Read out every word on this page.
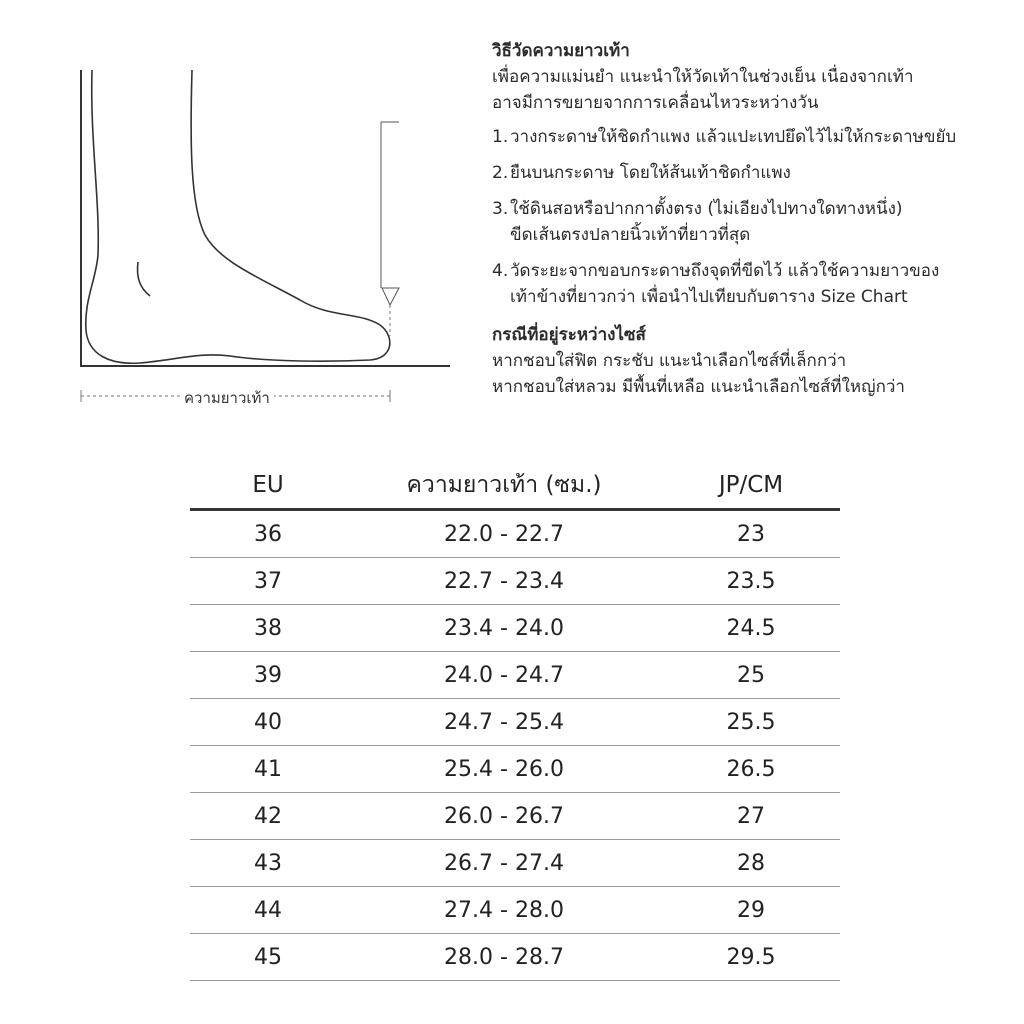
ความยาวเท้า

วิธีวัดความยาวเท้า

เพื่อความแม่นยำ แนะนำให้วัดเท้าในช่วงเย็น เนื่องจากเท้า

อาจมีการขยายจากการเคลื่อนไหวระหว่างวัน

1. วางกระดาษให้ชิดกำแพง แล้วแปะเทปยึดไว้ไม่ให้กระดาษขยับ
2. ยืนบนกระดาษ โดยให้ส้นเท้าชิดกำแพง
3. ใช้ดินสอหรือปากกาตั้งตรง (ไม่เอียงไปทางใดทางหนึ่ง)
ขีดเส้นตรงปลายนิ้วเท้าที่ยาวที่สุด
4. วัดระยะจากขอบกระดาษถึงจุดที่ขีดไว้ แล้วใช้ความยาวของ
เท้าข้างที่ยาวกว่า เพื่อนำไปเทียบกับตาราง Size Chart

กรณีที่อยู่ระหว่างไซส์

หากชอบใส่ฟิต กระชับ แนะนำเลือกไซส์ที่เล็กกว่า

หากชอบใส่หลวม มีพื้นที่เหลือ แนะนำเลือกไซส์ที่ใหญ่กว่า

EU	ความยาวเท้า (ซม.)	JP/CM
36	22.0 - 22.7	23
37	22.7 - 23.4	23.5
38	23.4 - 24.0	24.5
39	24.0 - 24.7	25
40	24.7 - 25.4	25.5
41	25.4 - 26.0	26.5
42	26.0 - 26.7	27
43	26.7 - 27.4	28
44	27.4 - 28.0	29
45	28.0 - 28.7	29.5
